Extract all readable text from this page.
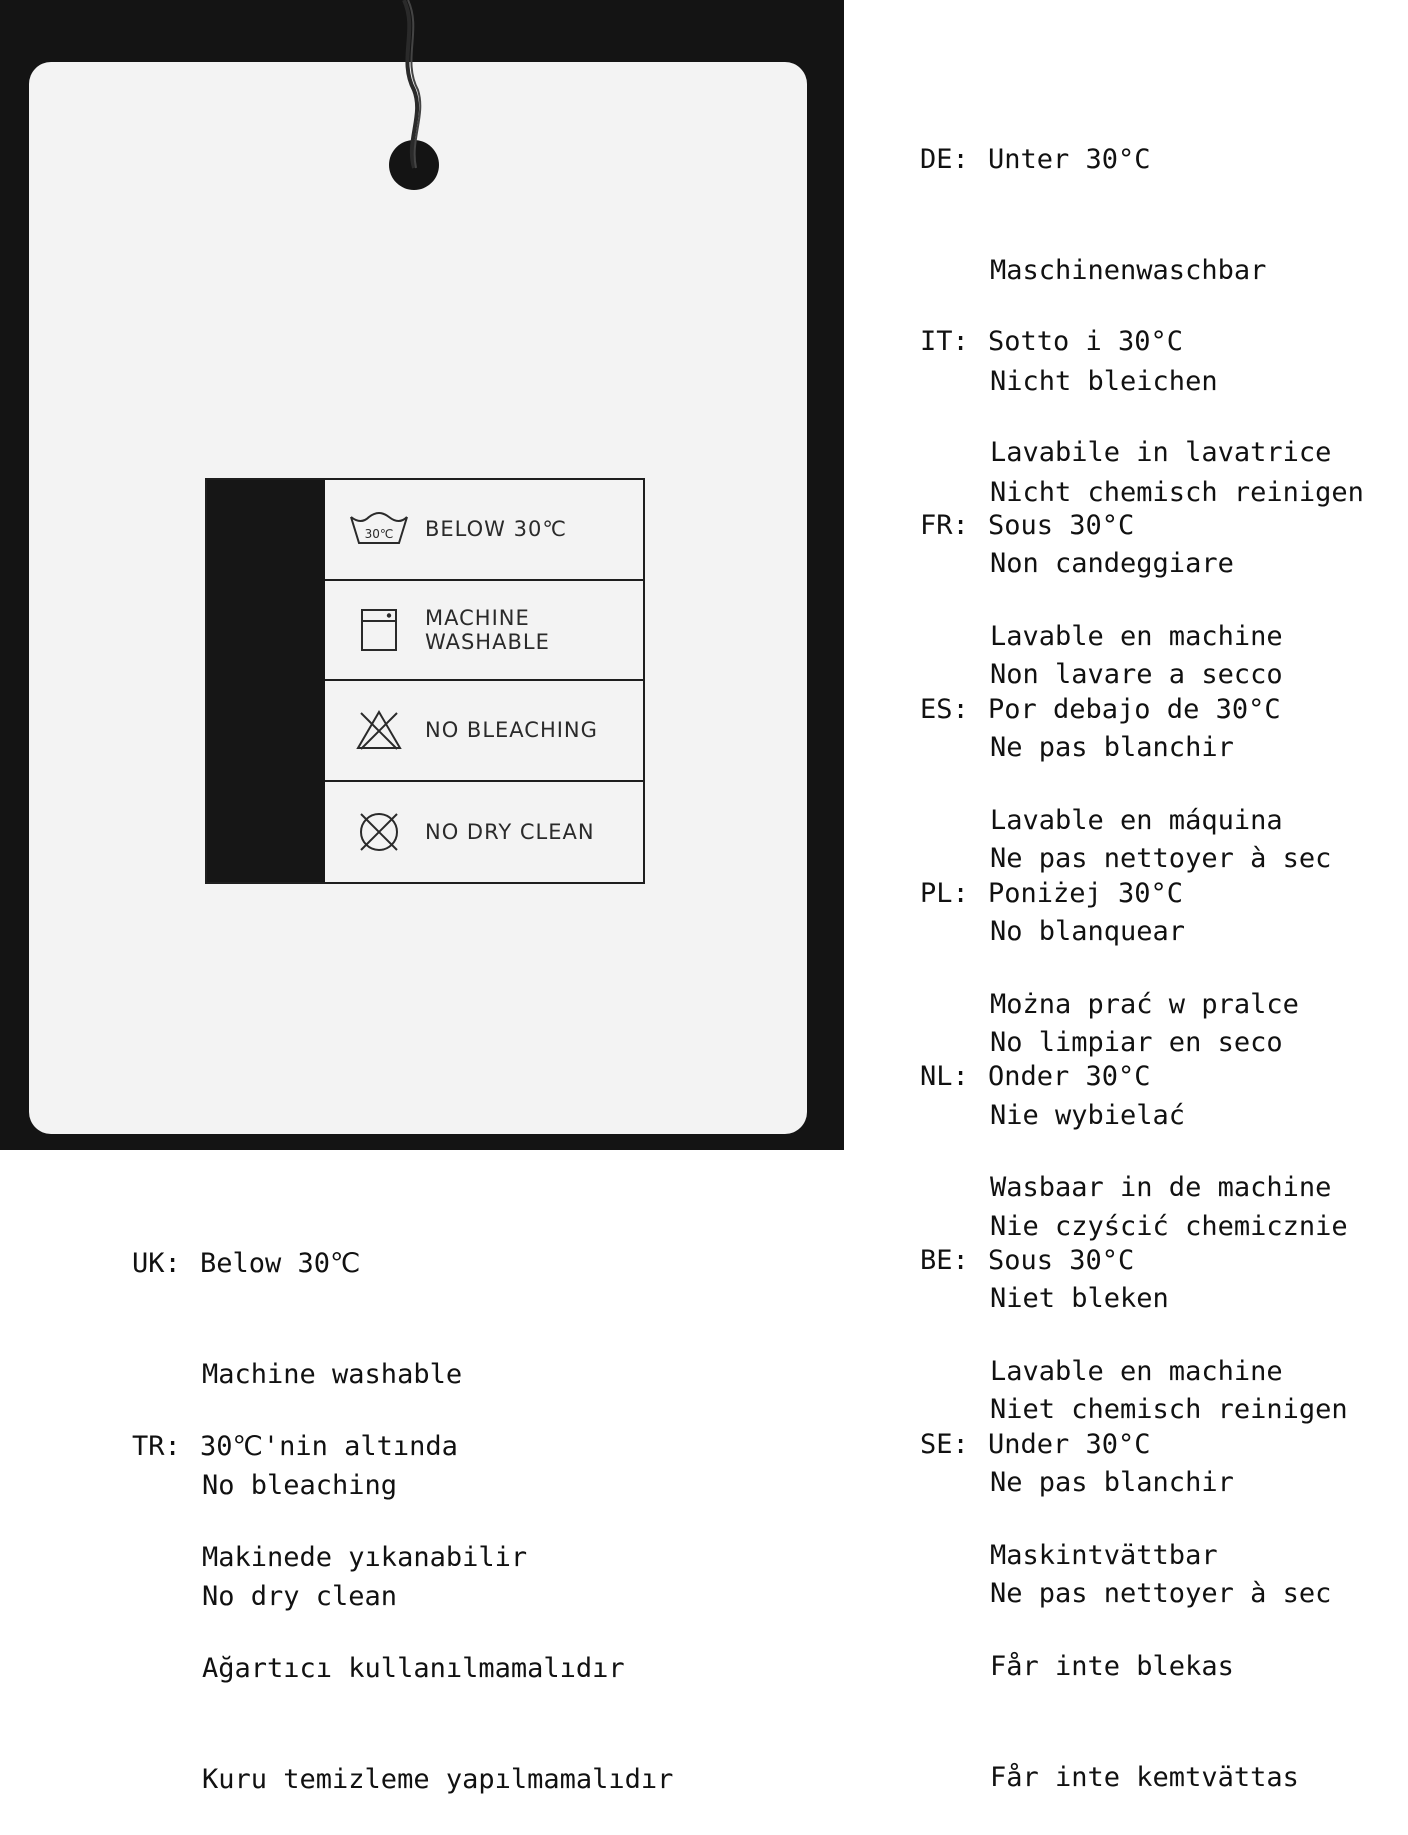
30℃ BELOW 30℃
MACHINE
WASHABLE
NO BLEACHING
NO DRY CLEAN

DE: Unter 30°C

Maschinenwaschbar

Nicht bleichen

Nicht chemisch reinigen

IT: Sotto i 30°C

Lavabile in lavatrice

Non candeggiare

Non lavare a secco

FR: Sous 30°C

Lavable en machine

Ne pas blanchir

Ne pas nettoyer à sec

ES: Por debajo de 30°C

Lavable en máquina

No blanquear

No limpiar en seco

PL: Poniżej 30°C

Można prać w pralce

Nie wybielać

Nie czyścić chemicznie

NL: Onder 30°C

Wasbaar in de machine

Niet bleken

Niet chemisch reinigen

BE: Sous 30°C

Lavable en machine

Ne pas blanchir

Ne pas nettoyer à sec

SE: Under 30°C

Maskintvättbar

Får inte blekas

Får inte kemtvättas

UK: Below 30℃

Machine washable

No bleaching

No dry clean

TR: 30℃'nin altında

Makinede yıkanabilir

Ağartıcı kullanılmamalıdır

Kuru temizleme yapılmamalıdır
